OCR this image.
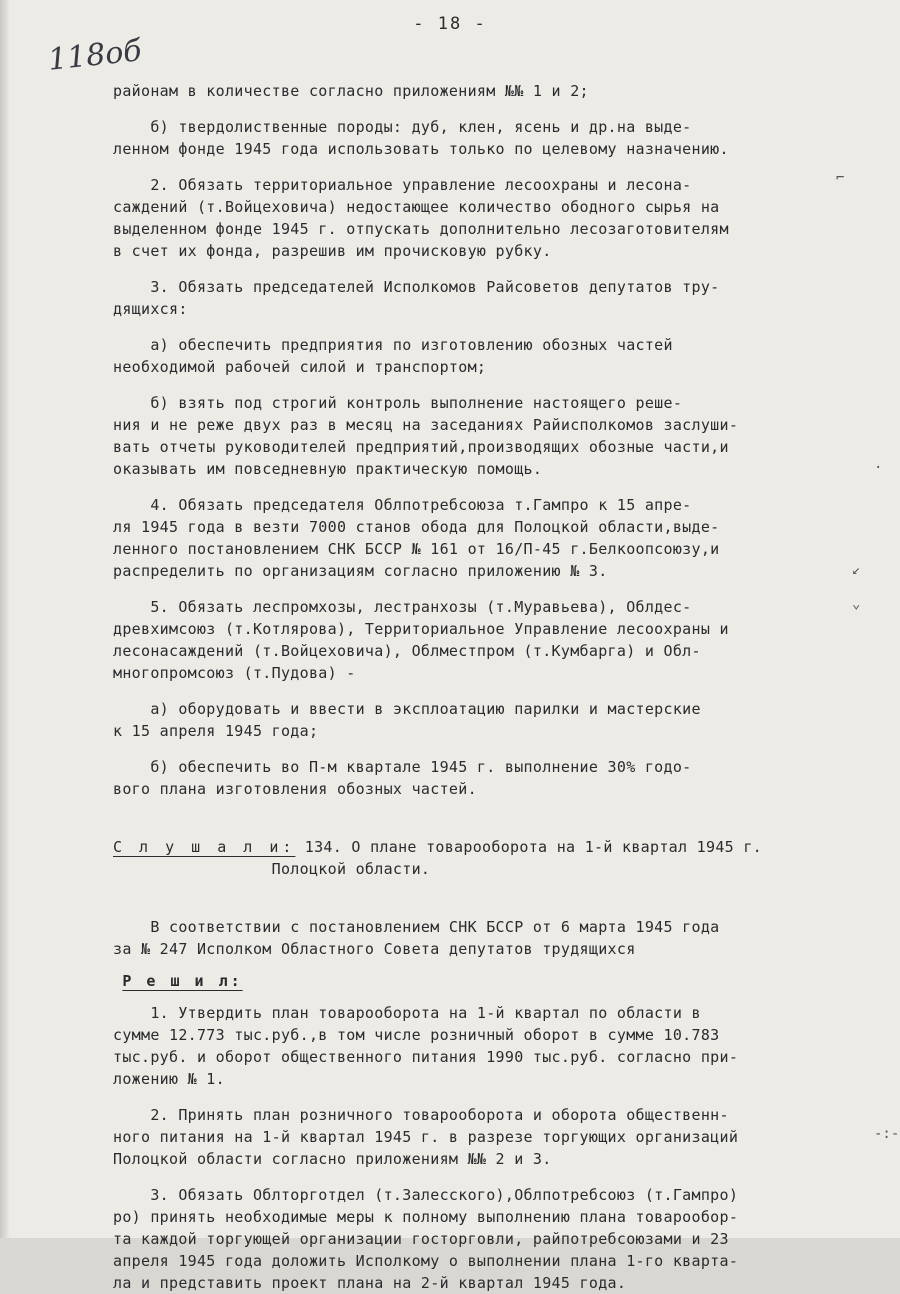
- 18 -
118об
⌐
·
↙
⌄
-:-
районам в количестве согласно приложениям №№ 1 и 2;
б) твердолиственные породы: дуб, клен, ясень и др.на выде-
ленном фонде 1945 года использовать только по целевому назначению.
2. Обязать территориальное управление лесоохраны и лесона-
саждений (т.Войцеховича) недостающее количество ободного сырья на
выделенном фонде 1945 г. отпускать дополнительно лесозаготовителям
в счет их фонда, разрешив им прочисковую рубку.
3. Обязать председателей Исполкомов Райсоветов депутатов тру-
дящихся:
а) обеспечить предприятия по изготовлению обозных частей
необходимой рабочей силой и транспортом;
б) взять под строгий контроль выполнение настоящего реше-
ния и не реже двух раз в месяц на заседаниях Райисполкомов заслуши-
вать отчеты руководителей предприятий,производящих обозные части,и
оказывать им повседневную практическую помощь.
4. Обязать председателя Облпотребсоюза т.Гампро к 15 апре-
ля 1945 года в везти 7000 станов обода для Полоцкой области,выде-
ленного постановлением СНК БССР № 161 от 16/П-45 г.Белкоопсоюзу,и
распределить по организациям согласно приложению № 3.
5. Обязать леспромхозы, лестранхозы (т.Муравьева), Облдес-
древхимсоюз (т.Котлярова), Территориальное Управление лесоохраны и
лесонасаждений (т.Войцеховича), Облместпром (т.Кумбарга) и Обл-
многопромсоюз (т.Пудова) -
а) оборудовать и ввести в эксплоатацию парилки и мастерские
к 15 апреля 1945 года;
б) обеспечить во П-м квартале 1945 г. выполнение 30% годо-
вого плана изготовления обозных частей.
С л у ш а л и: 134. О плане товарооборота на 1-й квартал 1945 г.
Полоцкой области.
В соответствии с постановлением СНК БССР от 6 марта 1945 года
за № 247 Исполком Областного Совета депутатов трудящихся
Р е ш и л:
1. Утвердить план товарооборота на 1-й квартал по области в
сумме 12.773 тыс.руб.,в том числе розничный оборот в сумме 10.783
тыс.руб. и оборот общественного питания 1990 тыс.руб. согласно при-
ложению № 1.
2. Принять план розничного товарооборота и оборота общественн-
ного питания на 1-й квартал 1945 г. в разрезе торгующих организаций
Полоцкой области согласно приложениям №№ 2 и 3.
3. Обязать Облторготдел (т.Залесского),Облпотребсоюз (т.Гампро)
ро) принять необходимые меры к полному выполнению плана товарообор-
та каждой торгующей организации госторговли, райпотребсоюзами и 23
апреля 1945 года доложить Исполкому о выполнении плана 1-го кварта-
ла и представить проект плана на 2-й квартал 1945 года.
